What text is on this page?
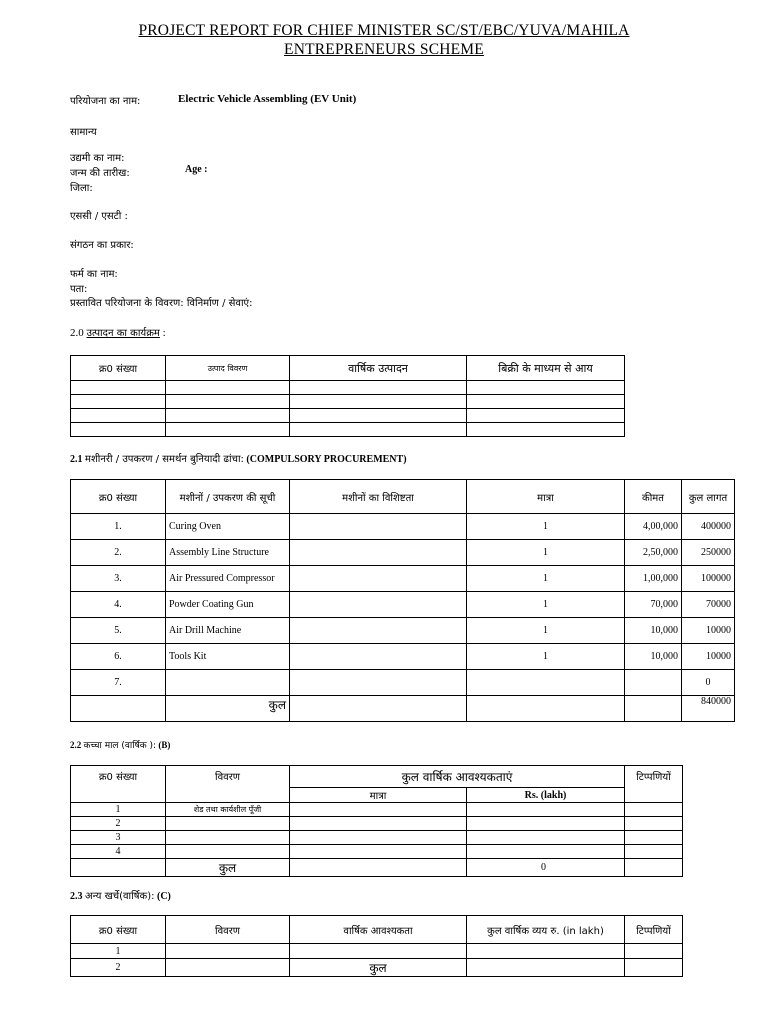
PROJECT REPORT FOR CHIEF MINISTER SC/ST/EBC/YUVA/MAHILA
ENTREPRENEURS SCHEME
परियोजना का नाम:	Electric Vehicle Assembling (EV Unit)
सामान्य
उद्यमी का नाम:
जन्म की तारीख:	Age :
जिला:
एससी / एसटी :
संगठन का प्रकार:
फर्म का नाम:
पता:
प्रस्तावित परियोजना के विवरण: विनिर्माण / सेवाएं:
2.0 उत्पादन का कार्यक्रम :
क्र0 संख्या	उत्पाद विवरण	वार्षिक उत्पादन	बिक्री के माध्यम से आय

2.1 मशीनरी / उपकरण / समर्थन बुनियादी ढांचा: (COMPULSORY PROCUREMENT)
क्र0 संख्या	मशीनों / उपकरण की सूची	मशीनों का विशिष्टता	मात्रा	कीमत	कुल लागत
1.	Curing Oven		1	4,00,000	400000
2.	Assembly Line Structure		1	2,50,000	250000
3.	Air Pressured Compressor		1	1,00,000	100000
4.	Powder Coating Gun		1	70,000	70000
5.	Air Drill Machine		1	10,000	10000
6.	Tools Kit		1	10,000	10000
7.					0
	कुल				840000
2.2 कच्चा माल (वार्षिक ): (B)
क्र0 संख्या	विवरण	कुल वार्षिक आवश्यकताएं		टिप्पणियों
		मात्रा	Rs. (lakh)	
1	शेड तथा कार्यशील पूँजी			
2				
3				
4				
	कुल		0	
2.3 अन्य खर्चे(वार्षिक): (C)
क्र0 संख्या	विवरण	वार्षिक आवश्यकता	कुल वार्षिक व्यय रु. (in lakh)	टिप्पणियों
1				
2		कुल		
